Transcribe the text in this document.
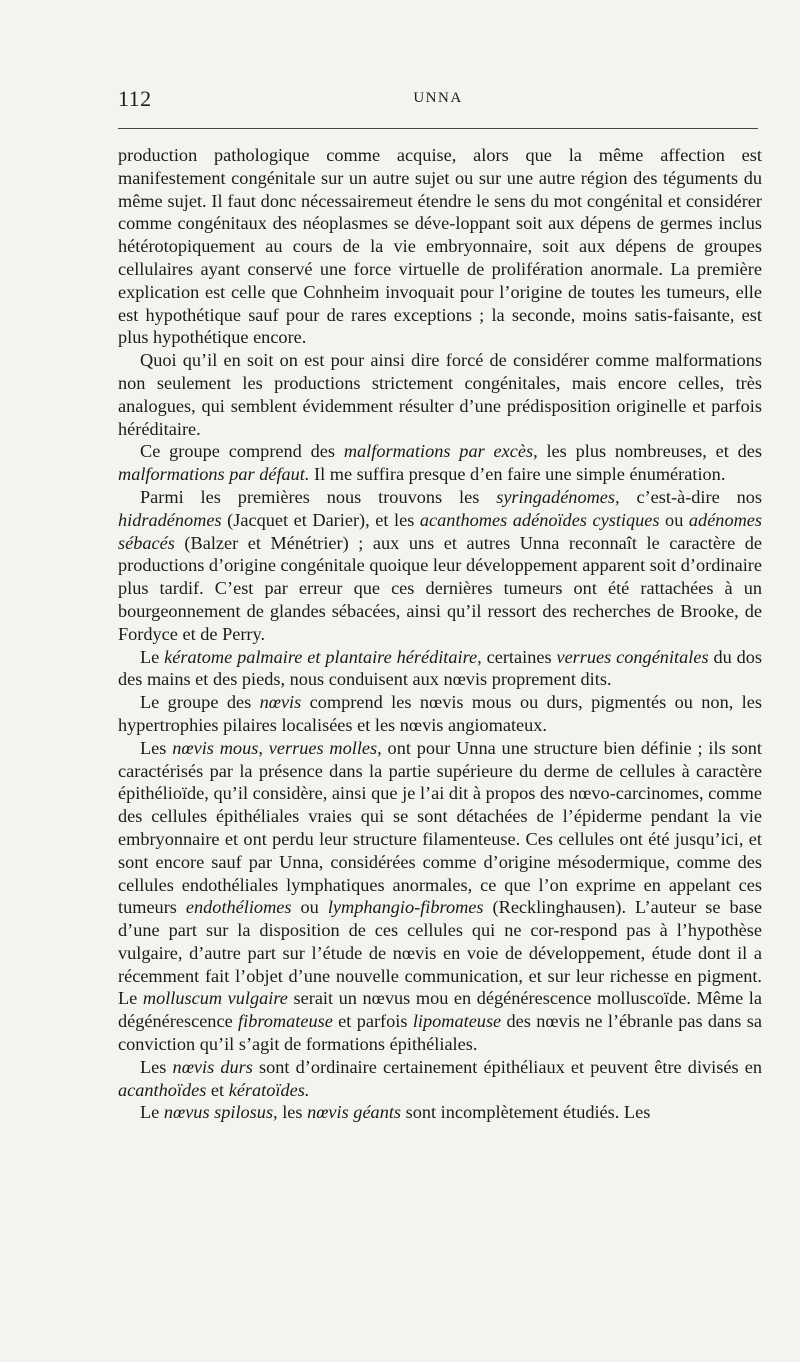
112	UNNA

production pathologique comme acquise, alors que la même affection est manifestement congénitale sur un autre sujet ou sur une autre région des téguments du même sujet. Il faut donc nécessairemeut étendre le sens du mot congénital et considérer comme congénitaux des néoplasmes se déve-loppant soit aux dépens de germes inclus hétérotopiquement au cours de la vie embryonnaire, soit aux dépens de groupes cellulaires ayant conservé une force virtuelle de prolifération anormale. La première explication est celle que Cohnheim invoquait pour l’origine de toutes les tumeurs, elle est hypothétique sauf pour de rares exceptions ; la seconde, moins satis-faisante, est plus hypothétique encore.

Quoi qu’il en soit on est pour ainsi dire forcé de considérer comme malformations non seulement les productions strictement congénitales, mais encore celles, très analogues, qui semblent évidemment résulter d’une prédisposition originelle et parfois héréditaire.

Ce groupe comprend des malformations par excès, les plus nombreuses, et des malformations par défaut. Il me suffira presque d’en faire une simple énumération.

Parmi les premières nous trouvons les syringadénomes, c’est-à-dire nos hidradénomes (Jacquet et Darier), et les acanthomes adénoïdes cystiques ou adénomes sébacés (Balzer et Ménétrier) ; aux uns et autres Unna reconnaît le caractère de productions d’origine congénitale quoique leur développement apparent soit d’ordinaire plus tardif. C’est par erreur que ces dernières tumeurs ont été rattachées à un bourgeonnement de glandes sébacées, ainsi qu’il ressort des recherches de Brooke, de Fordyce et de Perry.

Le kératome palmaire et plantaire héréditaire, certaines verrues congénitales du dos des mains et des pieds, nous conduisent aux nœvis proprement dits.

Le groupe des nœvis comprend les nœvis mous ou durs, pigmentés ou non, les hypertrophies pilaires localisées et les nœvis angiomateux.

Les nœvis mous, verrues molles, ont pour Unna une structure bien définie ; ils sont caractérisés par la présence dans la partie supérieure du derme de cellules à caractère épithélioïde, qu’il considère, ainsi que je l’ai dit à propos des nœvo-carcinomes, comme des cellules épithéliales vraies qui se sont détachées de l’épiderme pendant la vie embryonnaire et ont perdu leur structure filamenteuse. Ces cellules ont été jusqu’ici, et sont encore sauf par Unna, considérées comme d’origine mésodermique, comme des cellules endothéliales lymphatiques anormales, ce que l’on exprime en appelant ces tumeurs endothéliomes ou lymphangio-fibromes (Recklinghausen). L’auteur se base d’une part sur la disposition de ces cellules qui ne cor-respond pas à l’hypothèse vulgaire, d’autre part sur l’étude de nœvis en voie de développement, étude dont il a récemment fait l’objet d’une nouvelle communication, et sur leur richesse en pigment. Le molluscum vulgaire serait un nœvus mou en dégénérescence molluscoïde. Même la dégénérescence fibromateuse et parfois lipomateuse des nœvis ne l’ébranle pas dans sa conviction qu’il s’agit de formations épithéliales.

Les nœvis durs sont d’ordinaire certainement épithéliaux et peuvent être divisés en acanthoïdes et kératoïdes.

Le nœvus spilosus, les nœvis géants sont incomplètement étudiés. Les
